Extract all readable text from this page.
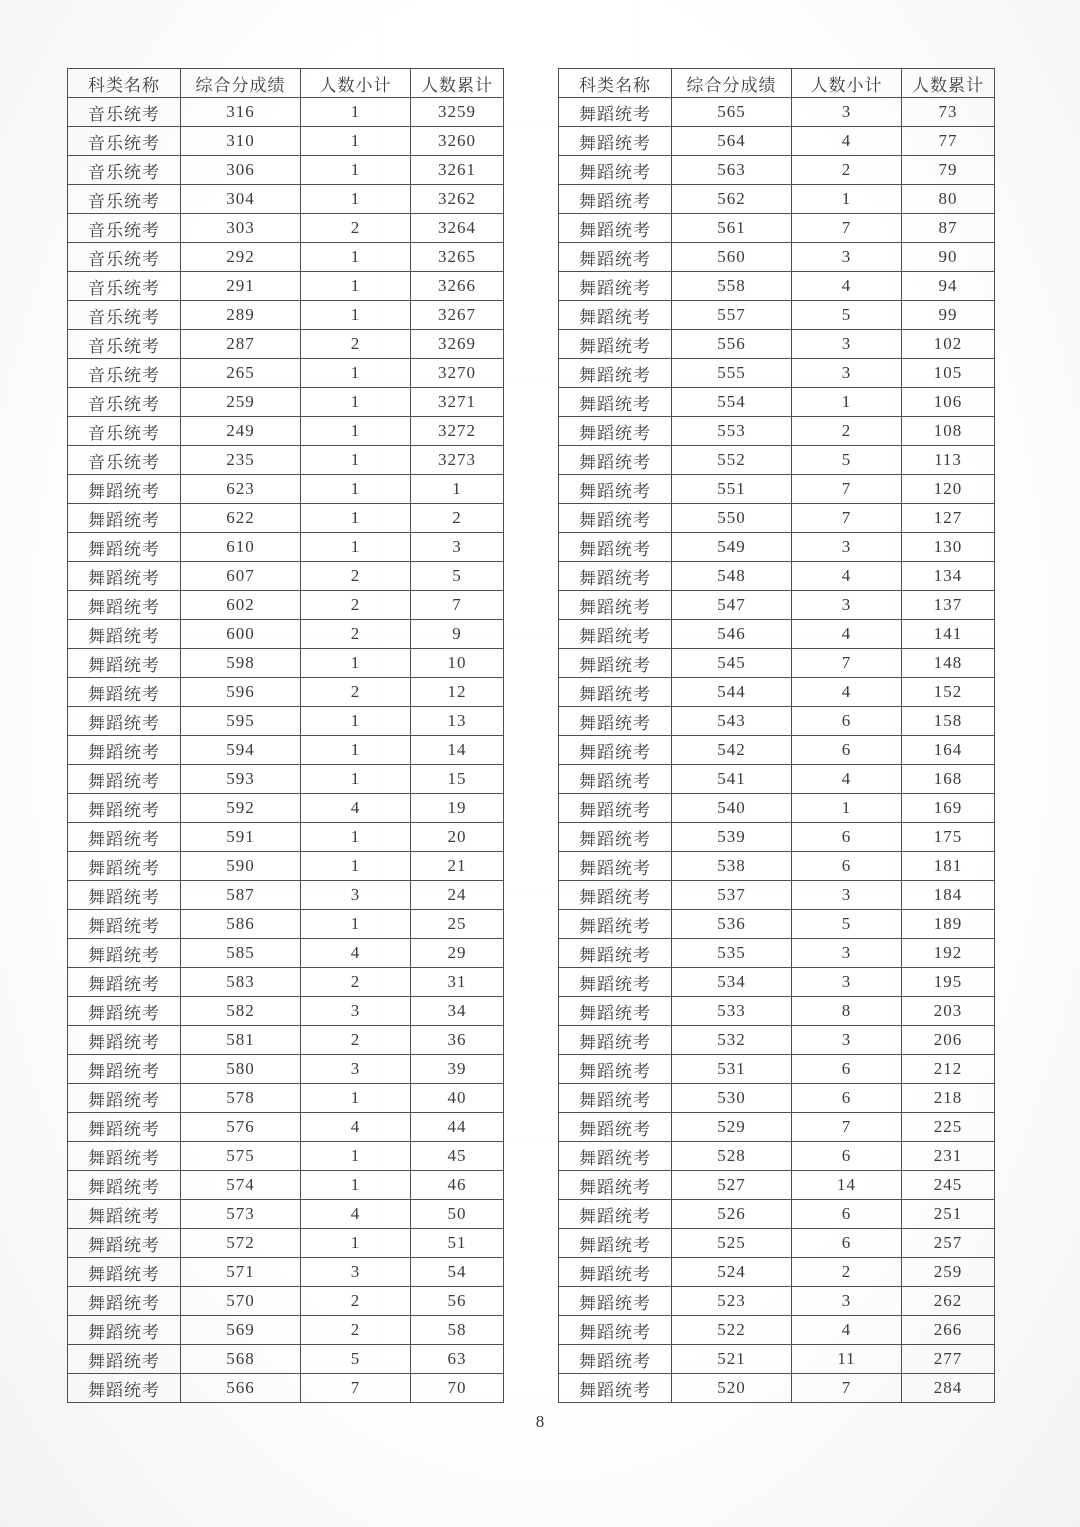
科类名称	综合分成绩	人数小计	人数累计
音乐统考	316	1	3259
音乐统考	310	1	3260
音乐统考	306	1	3261
音乐统考	304	1	3262
音乐统考	303	2	3264
音乐统考	292	1	3265
音乐统考	291	1	3266
音乐统考	289	1	3267
音乐统考	287	2	3269
音乐统考	265	1	3270
音乐统考	259	1	3271
音乐统考	249	1	3272
音乐统考	235	1	3273
舞蹈统考	623	1	1
舞蹈统考	622	1	2
舞蹈统考	610	1	3
舞蹈统考	607	2	5
舞蹈统考	602	2	7
舞蹈统考	600	2	9
舞蹈统考	598	1	10
舞蹈统考	596	2	12
舞蹈统考	595	1	13
舞蹈统考	594	1	14
舞蹈统考	593	1	15
舞蹈统考	592	4	19
舞蹈统考	591	1	20
舞蹈统考	590	1	21
舞蹈统考	587	3	24
舞蹈统考	586	1	25
舞蹈统考	585	4	29
舞蹈统考	583	2	31
舞蹈统考	582	3	34
舞蹈统考	581	2	36
舞蹈统考	580	3	39
舞蹈统考	578	1	40
舞蹈统考	576	4	44
舞蹈统考	575	1	45
舞蹈统考	574	1	46
舞蹈统考	573	4	50
舞蹈统考	572	1	51
舞蹈统考	571	3	54
舞蹈统考	570	2	56
舞蹈统考	569	2	58
舞蹈统考	568	5	63
舞蹈统考	566	7	70
科类名称	综合分成绩	人数小计	人数累计
舞蹈统考	565	3	73
舞蹈统考	564	4	77
舞蹈统考	563	2	79
舞蹈统考	562	1	80
舞蹈统考	561	7	87
舞蹈统考	560	3	90
舞蹈统考	558	4	94
舞蹈统考	557	5	99
舞蹈统考	556	3	102
舞蹈统考	555	3	105
舞蹈统考	554	1	106
舞蹈统考	553	2	108
舞蹈统考	552	5	113
舞蹈统考	551	7	120
舞蹈统考	550	7	127
舞蹈统考	549	3	130
舞蹈统考	548	4	134
舞蹈统考	547	3	137
舞蹈统考	546	4	141
舞蹈统考	545	7	148
舞蹈统考	544	4	152
舞蹈统考	543	6	158
舞蹈统考	542	6	164
舞蹈统考	541	4	168
舞蹈统考	540	1	169
舞蹈统考	539	6	175
舞蹈统考	538	6	181
舞蹈统考	537	3	184
舞蹈统考	536	5	189
舞蹈统考	535	3	192
舞蹈统考	534	3	195
舞蹈统考	533	8	203
舞蹈统考	532	3	206
舞蹈统考	531	6	212
舞蹈统考	530	6	218
舞蹈统考	529	7	225
舞蹈统考	528	6	231
舞蹈统考	527	14	245
舞蹈统考	526	6	251
舞蹈统考	525	6	257
舞蹈统考	524	2	259
舞蹈统考	523	3	262
舞蹈统考	522	4	266
舞蹈统考	521	11	277
舞蹈统考	520	7	284
8
